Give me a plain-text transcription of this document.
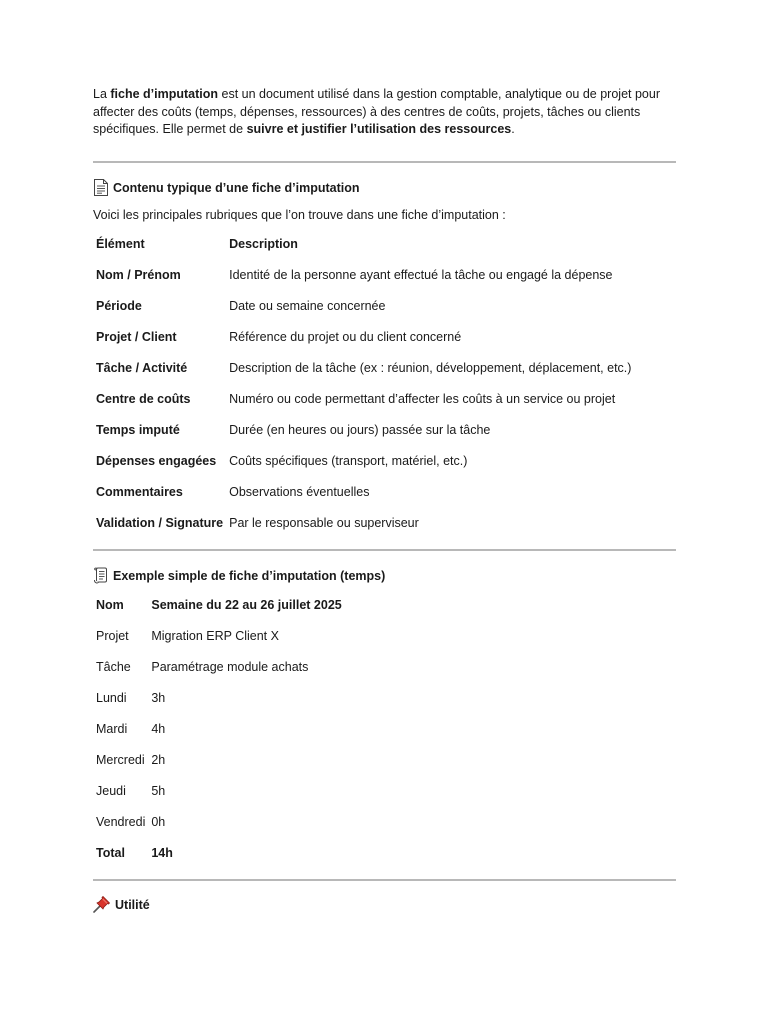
La fiche d’imputation est un document utilisé dans la gestion comptable, analytique ou de projet pour affecter des coûts (temps, dépenses, ressources) à des centres de coûts, projets, tâches ou clients spécifiques. Elle permet de suivre et justifier l’utilisation des ressources.

Contenu typique d’une fiche d’imputation
Voici les principales rubriques que l’on trouve dans une fiche d’imputation :
Élément	Description
Nom / Prénom	Identité de la personne ayant effectué la tâche ou engagé la dépense
Période	Date ou semaine concernée
Projet / Client	Référence du projet ou du client concerné
Tâche / Activité	Description de la tâche (ex : réunion, développement, déplacement, etc.)
Centre de coûts	Numéro ou code permettant d’affecter les coûts à un service ou projet
Temps imputé	Durée (en heures ou jours) passée sur la tâche
Dépenses engagées	Coûts spécifiques (transport, matériel, etc.)
Commentaires	Observations éventuelles
Validation / Signature	Par le responsable ou superviseur
Exemple simple de fiche d’imputation (temps)
Nom	Semaine du 22 au 26 juillet 2025
Projet	Migration ERP Client X
Tâche	Paramétrage module achats
Lundi	3h
Mardi	4h
Mercredi	2h
Jeudi	5h
Vendredi	0h
Total	14h
Utilité
